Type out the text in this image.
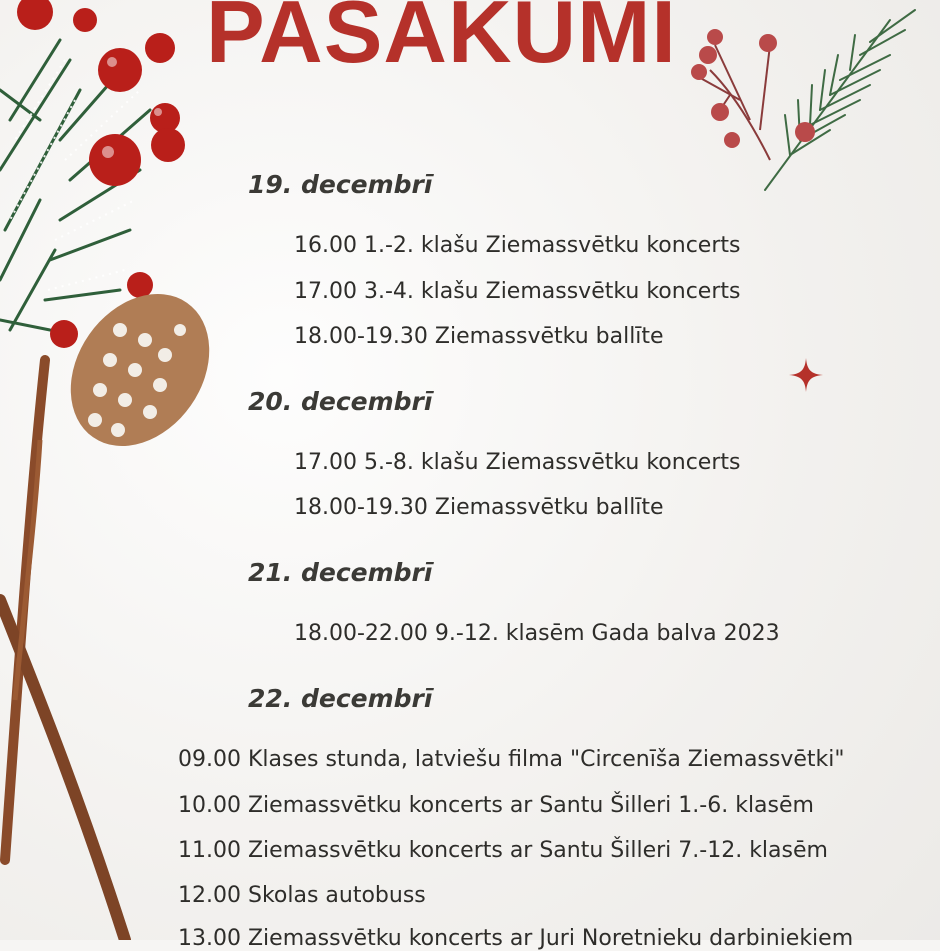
PASAKUMI
19. decembrī
16.00 1.-2. klašu Ziemassvētku koncerts
17.00 3.-4. klašu Ziemassvētku koncerts
18.00-19.30 Ziemassvētku ballīte
20. decembrī
17.00 5.-8. klašu Ziemassvētku koncerts
18.00-19.30 Ziemassvētku ballīte
21. decembrī
18.00-22.00 9.-12. klasēm Gada balva 2023
22. decembrī
09.00 Klases stunda, latviešu filma "Circenīša Ziemassvētki"
10.00 Ziemassvētku koncerts ar Santu Šilleri 1.-6. klasēm
11.00 Ziemassvētku koncerts ar Santu Šilleri 7.-12. klasēm
12.00 Skolas autobuss
13.00 Ziemassvētku koncerts ar Juri Noretnieku darbiniekiem
